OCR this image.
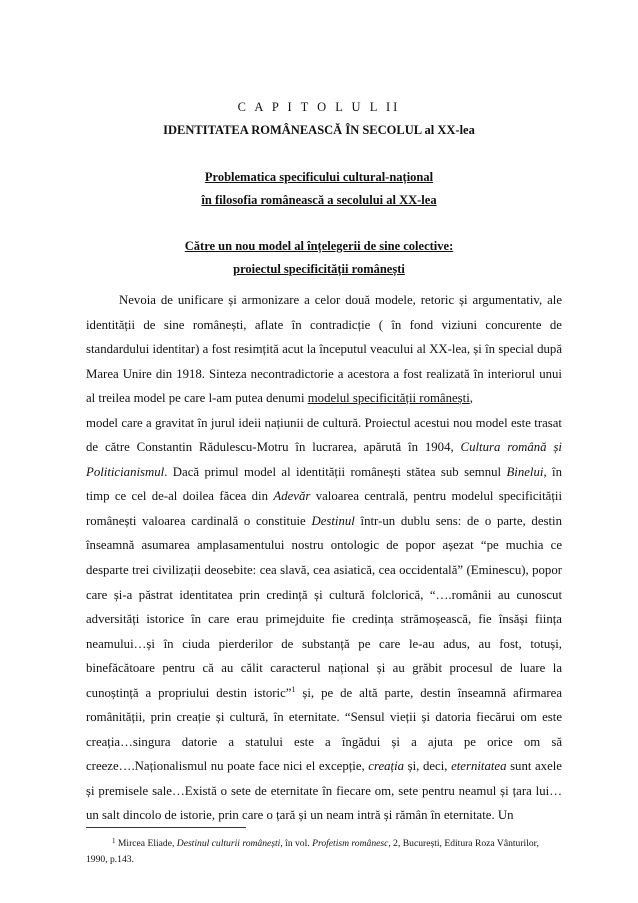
C A P I T O L U L II
IDENTITATEA ROMÂNEASCĂ ÎN SECOLUL al XX-lea
Problematica specificului cultural-național
în filosofia românească a secolului al XX-lea
Către un nou model al înțelegerii de sine colective:
proiectul specificității românești

Nevoia de unificare și armonizare a celor două modele, retoric și argumentativ, ale identității de sine românești, aflate în contradicție ( în fond viziuni concurente de standardului identitar) a fost resimțită acut la începutul veacului al XX-lea, și în special după Marea Unire din 1918. Sinteza necontradictorie a acestora a fost realizată în interiorul unui al treilea model pe care l-am putea denumi modelul specificității românești,

model care a gravitat în jurul ideii națiunii de cultură. Proiectul acestui nou model este trasat de către Constantin Rădulescu-Motru în lucrarea, apărută în 1904, Cultura română și Politicianismul. Dacă primul model al identității românești stătea sub semnul Binelui, în timp ce cel de-al doilea făcea din Adevăr valoarea centrală, pentru modelul specificității românești valoarea cardinală o constituie Destinul într-un dublu sens: de o parte, destin înseamnă asumarea amplasamentului nostru ontologic de popor așezat “pe muchia ce desparte trei civilizații deosebite: cea slavă, cea asiatică, cea occidentală” (Eminescu), popor care și-a păstrat identitatea prin credință și cultură folclorică, “….românii au cunoscut adversități istorice în care erau primejduite fie credința strămoșească, fie însăși ființa neamului…și în ciuda pierderilor de substanță pe care le-au adus, au fost, totuși, binefăcătoare pentru că au călit caracterul național și au grăbit procesul de luare la cunoștință a propriului destin istoric”$^1$ și, pe de altă parte, destin înseamnă afirmarea românității, prin creație și cultură, în eternitate. “Sensul vieții și datoria fiecărui om este creația…singura datorie a statului este a îngădui și a ajuta pe orice om să creeze….Naționalismul nu poate face nici el excepție, creația și, deci, eternitatea sunt axele și premisele sale…Există o sete de eternitate în fiecare om, sete pentru neamul și țara lui…un salt dincolo de istorie, prin care o țară și un neam intră și rămân în eternitate. Un

$^1$ Mircea Eliade, Destinul culturii românești, în vol. Profetism românesc, 2, București, Editura Roza Vânturilor, 1990, p.143.
